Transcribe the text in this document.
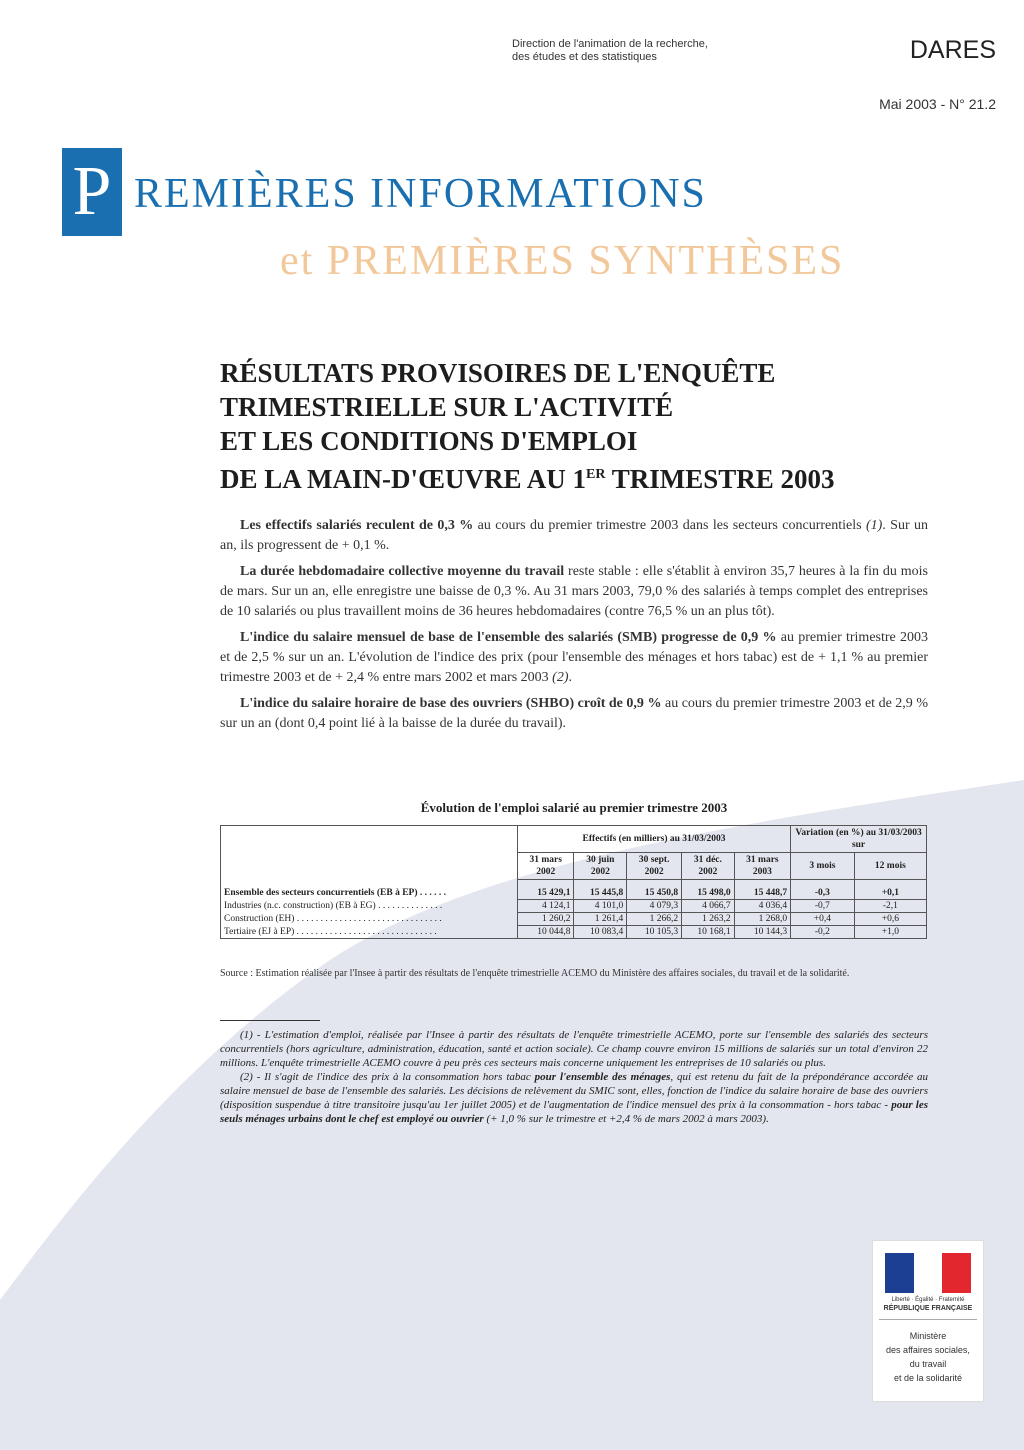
Direction de l'animation de la recherche,
des études et des statistiques	DARES
Mai 2003 - N° 21.2
P REMIÈRES INFORMATIONS
et PREMIÈRES SYNTHÈSES
RÉSULTATS PROVISOIRES DE L'ENQUÊTE
TRIMESTRIELLE SUR L'ACTIVITÉ
ET LES CONDITIONS D'EMPLOI
DE LA MAIN-D'ŒUVRE AU 1ER TRIMESTRE 2003

Les effectifs salariés reculent de 0,3 % au cours du premier trimestre 2003 dans les secteurs concurrentiels (1). Sur un an, ils progressent de + 0,1 %.

La durée hebdomadaire collective moyenne du travail reste stable : elle s'établit à environ 35,7 heures à la fin du mois de mars. Sur un an, elle enregistre une baisse de 0,3 %. Au 31 mars 2003, 79,0 % des salariés à temps complet des entreprises de 10 salariés ou plus travaillent moins de 36 heures hebdomadaires (contre 76,5 % un an plus tôt).

L'indice du salaire mensuel de base de l'ensemble des salariés (SMB) progresse de 0,9 % au premier trimestre 2003 et de 2,5 % sur un an. L'évolution de l'indice des prix (pour l'ensemble des ménages et hors tabac) est de + 1,1 % au premier trimestre 2003 et de + 2,4 % entre mars 2002 et mars 2003 (2).

L'indice du salaire horaire de base des ouvriers (SHBO) croît de 0,9 % au cours du premier trimestre 2003 et de 2,9 % sur un an (dont 0,4 point lié à la baisse de la durée du travail).

Évolution de l'emploi salarié au premier trimestre 2003
	Effectifs (en milliers) au 31/03/2003					Variation (en %) au 31/03/2003 sur	
	31 mars 2002	30 juin 2002	30 sept. 2002	31 déc. 2002	31 mars 2003	3 mois	12 mois
Ensemble des secteurs concurrentiels (EB à EP) . . . . . .	15 429,1	15 445,8	15 450,8	15 498,0	15 448,7	-0,3	+0,1
Industries (n.c. construction) (EB à EG) . . . . . . . . . . . . . .	4 124,1	4 101,0	4 079,3	4 066,7	4 036,4	-0,7	-2,1
Construction (EH) . . . . . . . . . . . . . . . . . . . . . . . . . . . . . . .	1 260,2	1 261,4	1 266,2	1 263,2	1 268,0	+0,4	+0,6
Tertiaire (EJ à EP) . . . . . . . . . . . . . . . . . . . . . . . . . . . . . .	10 044,8	10 083,4	10 105,3	10 168,1	10 144,3	-0,2	+1,0
Source : Estimation réalisée par l'Insee à partir des résultats de l'enquête trimestrielle ACEMO du Ministère des affaires sociales, du travail et de la solidarité.

(1) - L'estimation d'emploi, réalisée par l'Insee à partir des résultats de l'enquête trimestrielle ACEMO, porte sur l'ensemble des salariés des secteurs concurrentiels (hors agriculture, administration, éducation, santé et action sociale). Ce champ couvre environ 15 millions de salariés sur un total d'environ 22 millions. L'enquête trimestrielle ACEMO couvre à peu près ces secteurs mais concerne uniquement les entreprises de 10 salariés ou plus.

(2) - Il s'agit de l'indice des prix à la consommation hors tabac pour l'ensemble des ménages, qui est retenu du fait de la prépondérance accordée au salaire mensuel de base de l'ensemble des salariés. Les décisions de relèvement du SMIC sont, elles, fonction de l'indice du salaire horaire de base des ouvriers (disposition suspendue à titre transitoire jusqu'au 1er juillet 2005) et de l'augmentation de l'indice mensuel des prix à la consommation - hors tabac - pour les seuls ménages urbains dont le chef est employé ou ouvrier (+ 1,0 % sur le trimestre et +2,4 % de mars 2002 à mars 2003).

Liberté · Égalité · Fraternité
RÉPUBLIQUE FRANÇAISE
Ministère
des affaires sociales,
du travail
et de la solidarité
